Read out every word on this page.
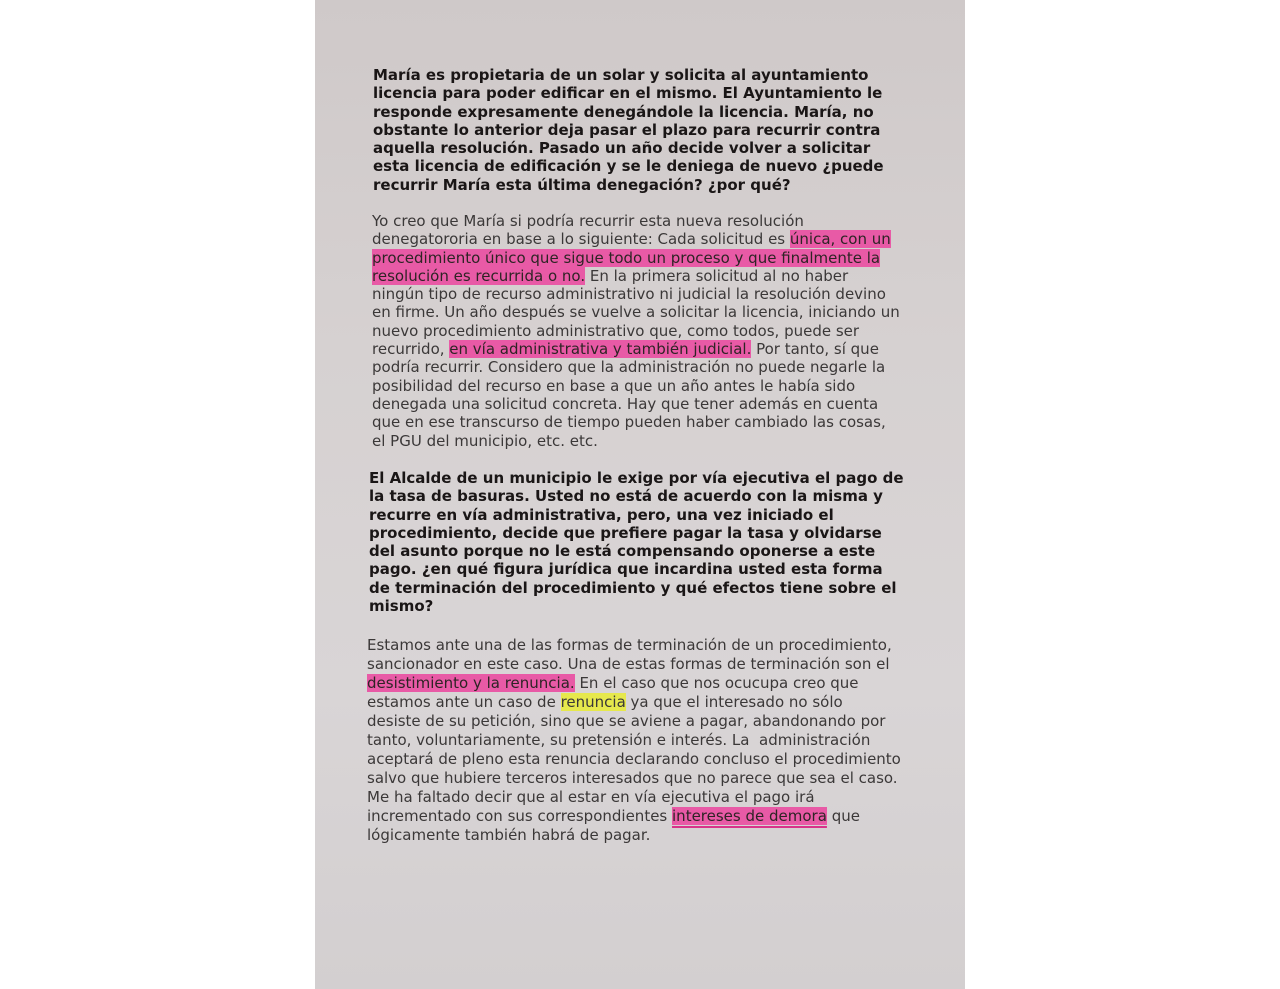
María es propietaria de un solar y solicita al ayuntamiento
licencia para poder edificar en el mismo. El Ayuntamiento le
responde expresamente denegándole la licencia. María, no
obstante lo anterior deja pasar el plazo para recurrir contra
aquella resolución. Pasado un año decide volver a solicitar
esta licencia de edificación y se le deniega de nuevo ¿puede
recurrir María esta última denegación? ¿por qué?
Yo creo que María si podría recurrir esta nueva resolución
denegatororia en base a lo siguiente: Cada solicitud es única, con un
procedimiento único que sigue todo un proceso y que finalmente la
resolución es recurrida o no. En la primera solicitud al no haber
ningún tipo de recurso administrativo ni judicial la resolución devino
en firme. Un año después se vuelve a solicitar la licencia, iniciando un
nuevo procedimiento administrativo que, como todos, puede ser
recurrido, en vía administrativa y también judicial. Por tanto, sí que
podría recurrir. Considero que la administración no puede negarle la
posibilidad del recurso en base a que un año antes le había sido
denegada una solicitud concreta. Hay que tener además en cuenta
que en ese transcurso de tiempo pueden haber cambiado las cosas,
el PGU del municipio, etc. etc.
El Alcalde de un municipio le exige por vía ejecutiva el pago de
la tasa de basuras. Usted no está de acuerdo con la misma y
recurre en vía administrativa, pero, una vez iniciado el
procedimiento, decide que prefiere pagar la tasa y olvidarse
del asunto porque no le está compensando oponerse a este
pago. ¿en qué figura jurídica que incardina usted esta forma
de terminación del procedimiento y qué efectos tiene sobre el
mismo?
Estamos ante una de las formas de terminación de un procedimiento,
sancionador en este caso. Una de estas formas de terminación son el
desistimiento y la renuncia. En el caso que nos ocucupa creo que
estamos ante un caso de renuncia ya que el interesado no sólo
desiste de su petición, sino que se aviene a pagar, abandonando por
tanto, voluntariamente, su pretensión e interés. La  administración
aceptará de pleno esta renuncia declarando concluso el procedimiento
salvo que hubiere terceros interesados que no parece que sea el caso.
Me ha faltado decir que al estar en vía ejecutiva el pago irá
incrementado con sus correspondientes intereses de demora que
lógicamente también habrá de pagar.
